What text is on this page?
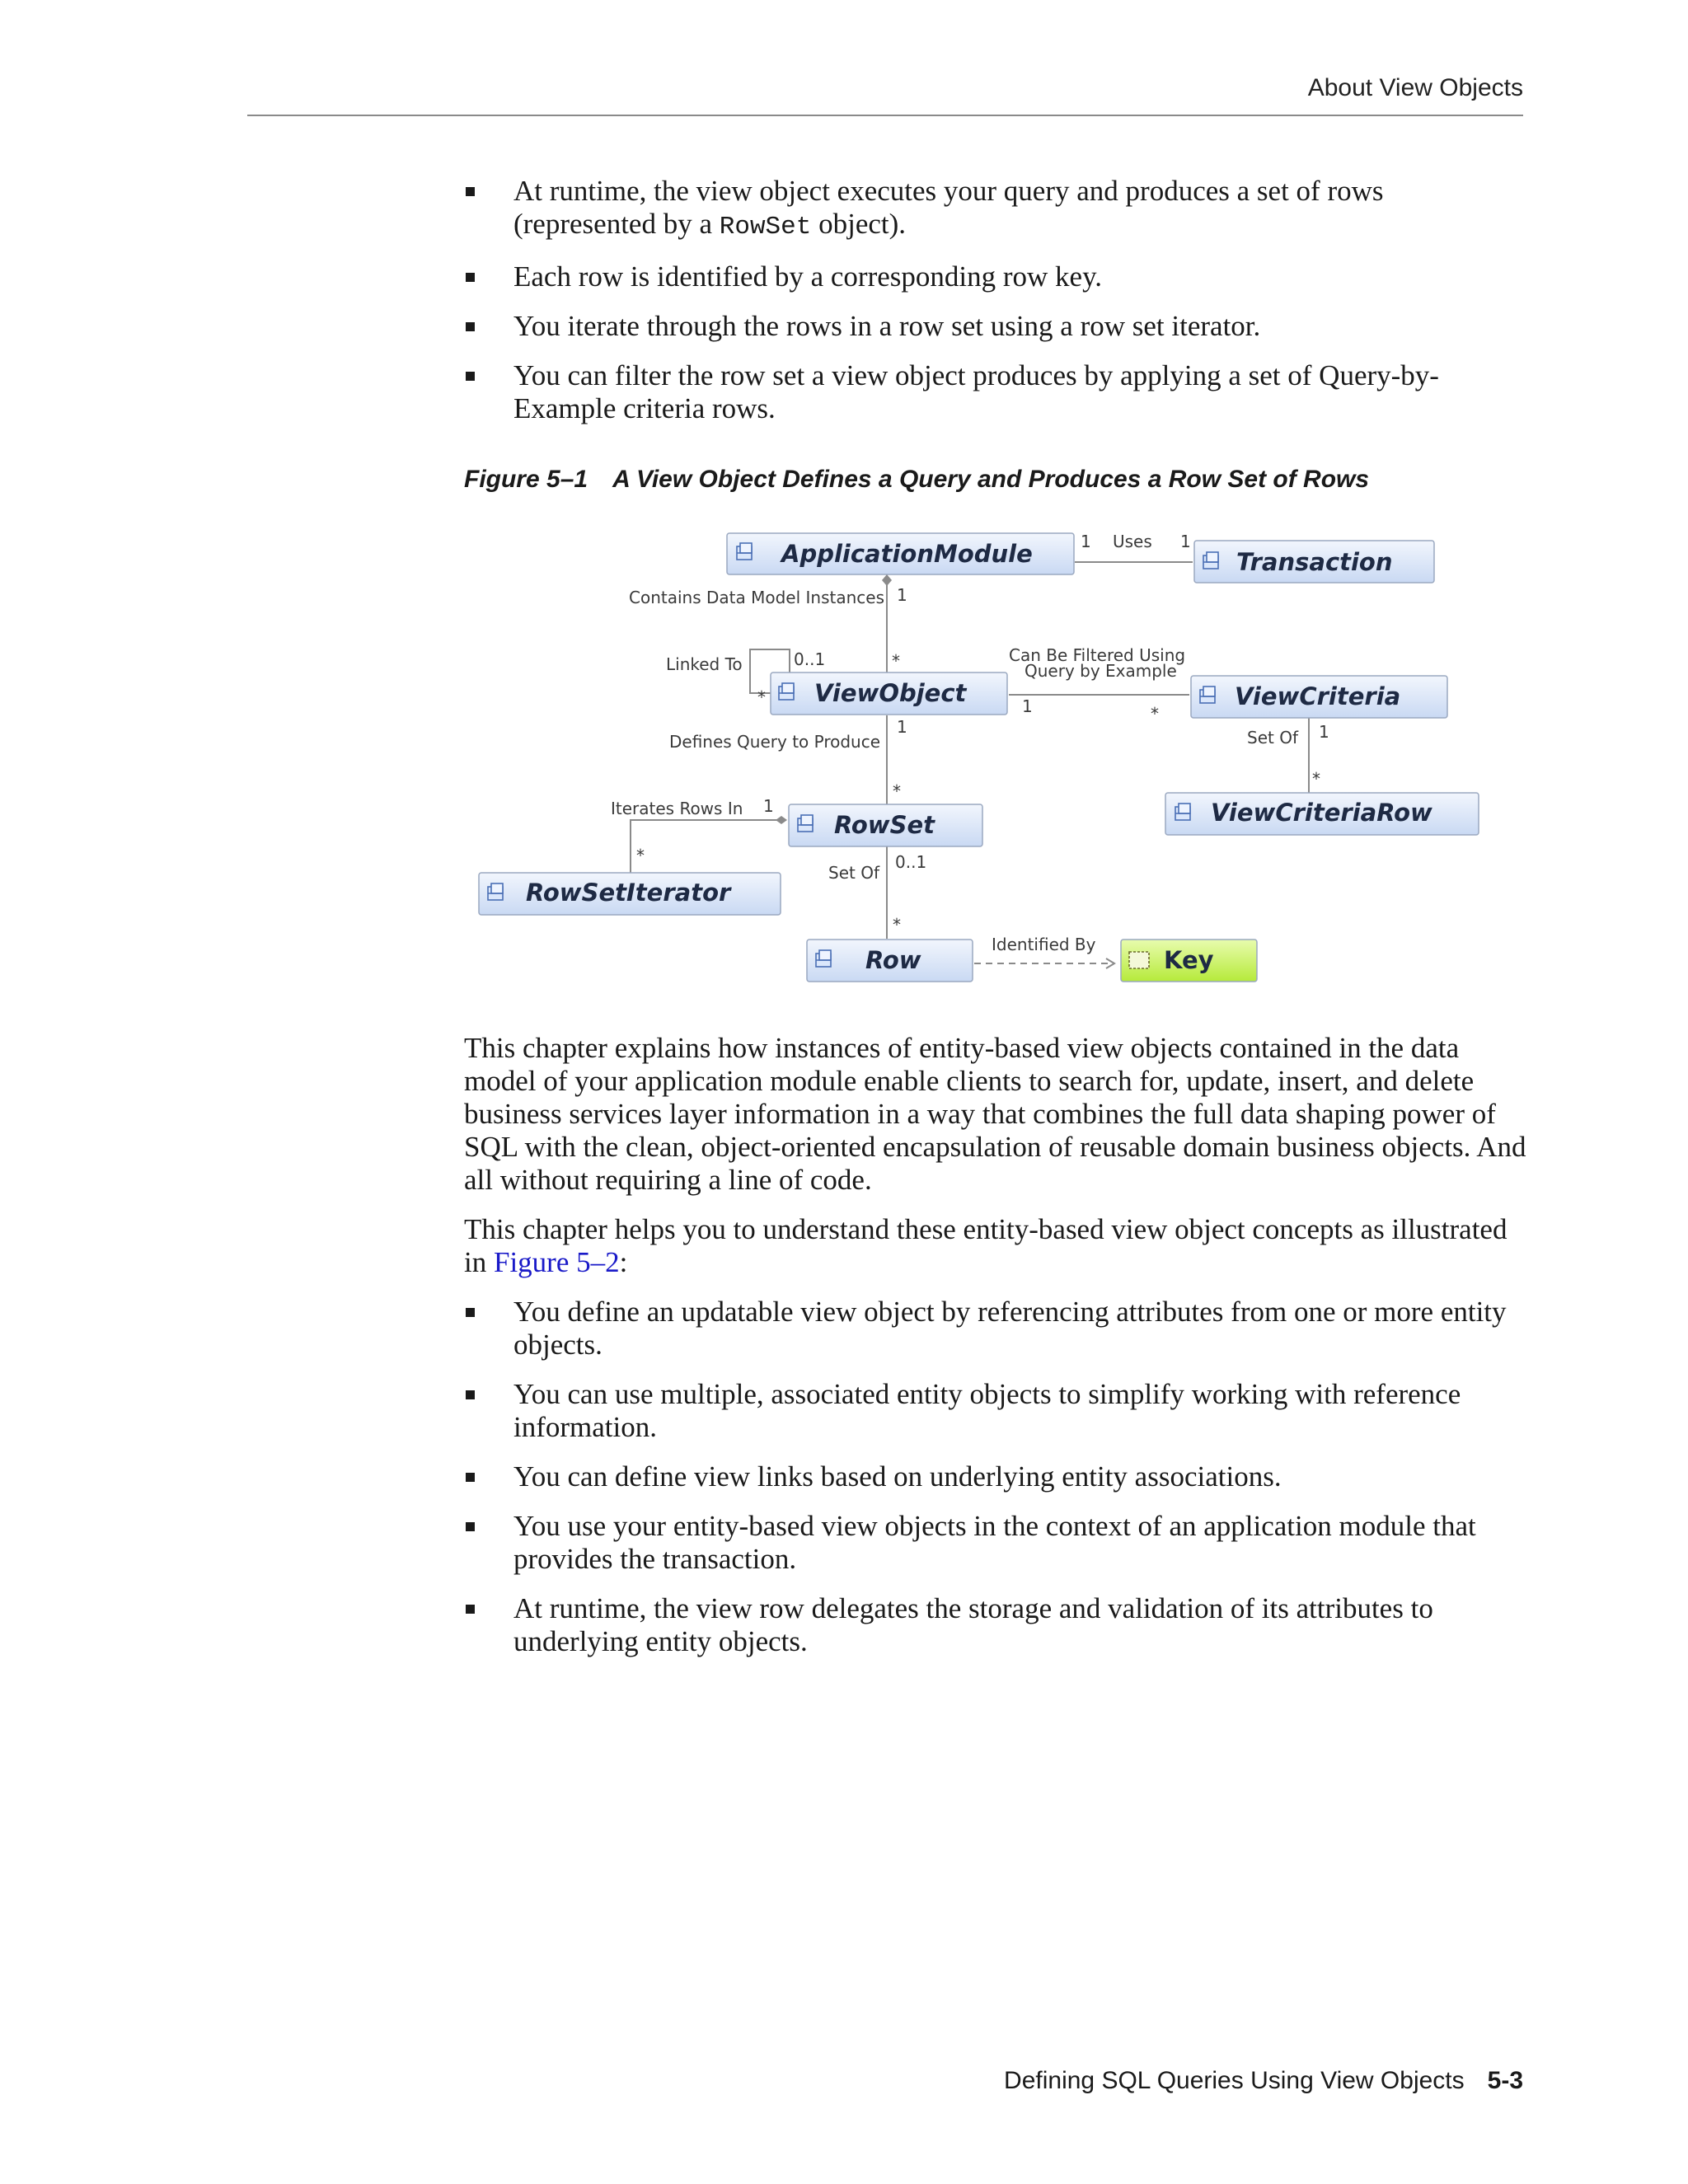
About View Objects
At runtime, the view object executes your query and produces a set of rows (represented by a RowSet object).
Each row is identified by a corresponding row key.
You iterate through the rows in a row set using a row set iterator.
You can filter the row set a view object produces by applying a set of Query-by-Example criteria rows.
Figure 5–1 A View Object Defines a Query and Produces a Row Set of Rows
ApplicationModule	Transaction
ViewObject	ViewCriteria
ViewCriteriaRow
RowSet
RowSetIterator
Row	Key
Uses
Contains Data Model Instances
Linked To	Can Be Filtered Using
Query by Example
Set Of
Defines Query to Produce
Iterates Rows In
Set Of
Identified By
1	1
1
0..1	*
*	1	*
1
*
1
*
1
*	0..1
*

This chapter explains how instances of entity-based view objects contained in the data model of your application module enable clients to search for, update, insert, and delete business services layer information in a way that combines the full data shaping power of SQL with the clean, object-oriented encapsulation of reusable domain business objects. And all without requiring a line of code.

This chapter helps you to understand these entity-based view object concepts as illustrated in Figure 5–2:

You define an updatable view object by referencing attributes from one or more entity objects.
You can use multiple, associated entity objects to simplify working with reference information.
You can define view links based on underlying entity associations.
You use your entity-based view objects in the context of an application module that provides the transaction.
At runtime, the view row delegates the storage and validation of its attributes to underlying entity objects.
Defining SQL Queries Using View Objects 5-3
